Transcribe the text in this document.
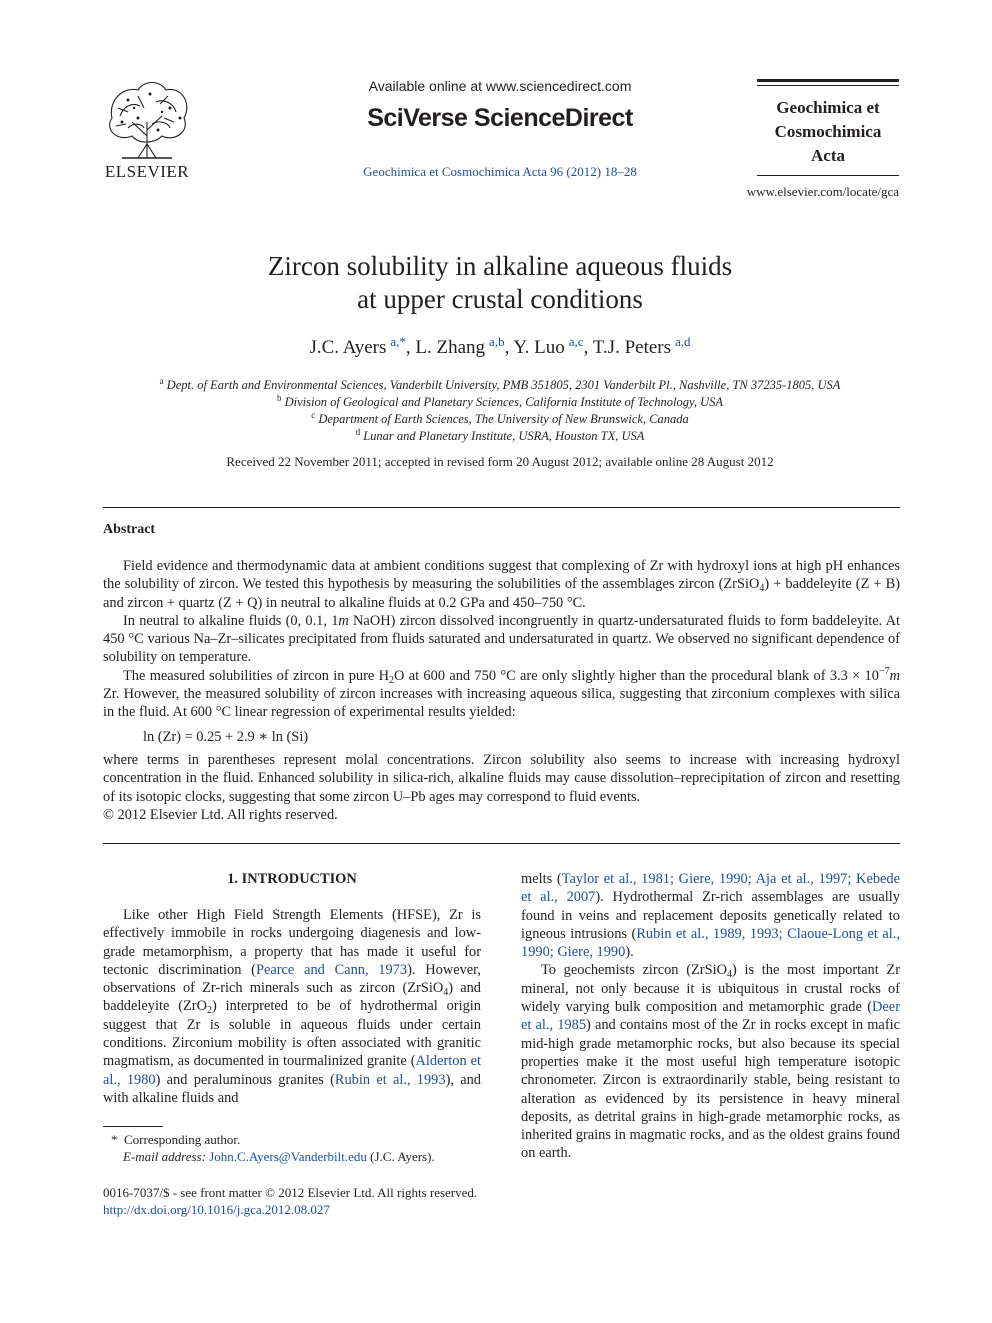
ELSEVIER
Available online at www.sciencedirect.com
SciVerse ScienceDirect
Geochimica et Cosmochimica Acta 96 (2012) 18–28
Geochimica et
Cosmochimica
Acta
www.elsevier.com/locate/gca
Zircon solubility in alkaline aqueous fluids
at upper crustal conditions
J.C. Ayers $^{a,*}$, L. Zhang $^{a,b}$, Y. Luo $^{a,c}$, T.J. Peters $^{a,d}$
$^a$ Dept. of Earth and Environmental Sciences, Vanderbilt University, PMB 351805, 2301 Vanderbilt Pl., Nashville, TN 37235-1805, USA
$^b$ Division of Geological and Planetary Sciences, California Institute of Technology, USA
$^c$ Department of Earth Sciences, The University of New Brunswick, Canada
$^d$ Lunar and Planetary Institute, USRA, Houston TX, USA
Received 22 November 2011; accepted in revised form 20 August 2012; available online 28 August 2012
Abstract

Field evidence and thermodynamic data at ambient conditions suggest that complexing of Zr with hydroxyl ions at high pH enhances the solubility of zircon. We tested this hypothesis by measuring the solubilities of the assemblages zircon (ZrSiO$_4$) + baddeleyite (Z + B) and zircon + quartz (Z + Q) in neutral to alkaline fluids at 0.2 GPa and 450–750 °C.

In neutral to alkaline fluids (0, 0.1, 1m NaOH) zircon dissolved incongruently in quartz-undersaturated fluids to form baddeleyite. At 450 °C various Na–Zr–silicates precipitated from fluids saturated and undersaturated in quartz. We observed no significant dependence of solubility on temperature.

The measured solubilities of zircon in pure $H_2O$ at 600 and 750 °C are only slightly higher than the procedural blank of $3.3 \times 10^{-7}m$ Zr. However, the measured solubility of zircon increases with increasing aqueous silica, suggesting that zirconium complexes with silica in the fluid. At 600 °C linear regression of experimental results yielded:

ln (Zr) = 0.25 + 2.9 ∗ ln (Si)

where terms in parentheses represent molal concentrations. Zircon solubility also seems to increase with increasing hydroxyl concentration in the fluid. Enhanced solubility in silica-rich, alkaline fluids may cause dissolution–reprecipitation of zircon and resetting of its isotopic clocks, suggesting that some zircon U–Pb ages may correspond to fluid events.

© 2012 Elsevier Ltd. All rights reserved.

1. INTRODUCTION

Like other High Field Strength Elements (HFSE), Zr is effectively immobile in rocks undergoing diagenesis and low-grade metamorphism, a property that has made it useful for tectonic discrimination (Pearce and Cann, 1973). However, observations of Zr-rich minerals such as zircon (ZrSiO$_4$) and baddeleyite (ZrO$_2$) interpreted to be of hydrothermal origin suggest that Zr is soluble in aqueous fluids under certain conditions. Zirconium mobility is often associated with granitic magmatism, as documented in tourmalinized granite (Alderton et al., 1980) and peraluminous granites (Rubin et al., 1993), and with alkaline fluids and

* Corresponding author.
E-mail address: John.C.Ayers@Vanderbilt.edu (J.C. Ayers).
0016-7037/$ - see front matter © 2012 Elsevier Ltd. All rights reserved.
http://dx.doi.org/10.1016/j.gca.2012.08.027

melts (Taylor et al., 1981; Giere, 1990; Aja et al., 1997; Kebede et al., 2007). Hydrothermal Zr-rich assemblages are usually found in veins and replacement deposits genetically related to igneous intrusions (Rubin et al., 1989, 1993; Claoue-Long et al., 1990; Giere, 1990).

To geochemists zircon (ZrSiO$_4$) is the most important Zr mineral, not only because it is ubiquitous in crustal rocks of widely varying bulk composition and metamorphic grade (Deer et al., 1985) and contains most of the Zr in rocks except in mafic mid-high grade metamorphic rocks, but also because its special properties make it the most useful high temperature isotopic chronometer. Zircon is extraordinarily stable, being resistant to alteration as evidenced by its persistence in heavy mineral deposits, as detrital grains in high-grade metamorphic rocks, as inherited grains in magmatic rocks, and as the oldest grains found on earth.
